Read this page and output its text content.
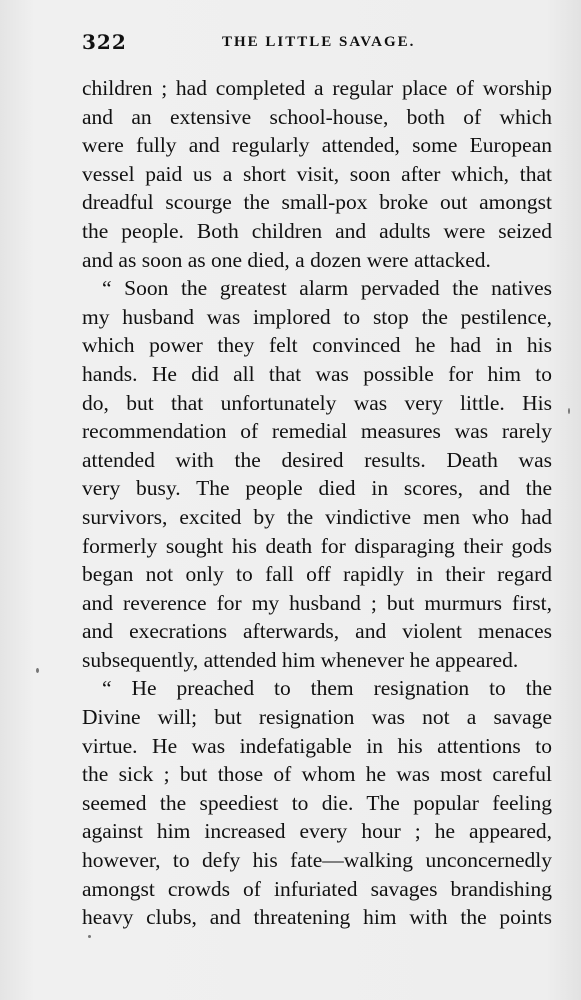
322	THE LITTLE SAVAGE.
children ; had completed a regular place of worship
and an extensive school-house, both of which
were fully and regularly attended, some European
vessel paid us a short visit, soon after which, that
dreadful scourge the small-pox broke out amongst
the people. Both children and adults were seized
and as soon as one died, a dozen were attacked.
“ Soon the greatest alarm pervaded the natives
my husband was implored to stop the pestilence,
which power they felt convinced he had in his
hands. He did all that was possible for him to
do, but that unfortunately was very little. His
recommendation of remedial measures was rarely
attended with the desired results. Death was
very busy. The people died in scores, and the
survivors, excited by the vindictive men who had
formerly sought his death for disparaging their gods
began not only to fall off rapidly in their regard
and reverence for my husband ; but murmurs first,
and execrations afterwards, and violent menaces
subsequently, attended him whenever he appeared.
“ He preached to them resignation to the
Divine will; but resignation was not a savage
virtue. He was indefatigable in his attentions to
the sick ; but those of whom he was most careful
seemed the speediest to die. The popular feeling
against him increased every hour ; he appeared,
however, to defy his fate—walking unconcernedly
amongst crowds of infuriated savages brandishing
heavy clubs, and threatening him with the points
